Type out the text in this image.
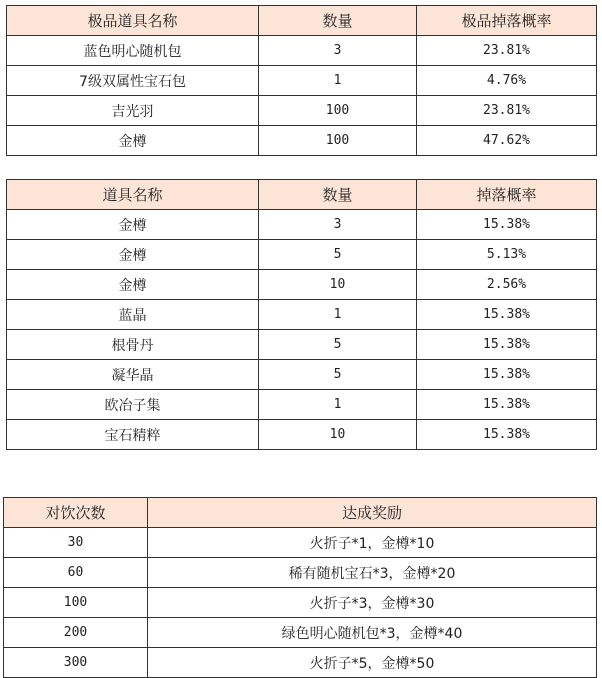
极品道具名称	数量	极品掉落概率
蓝色明心随机包	3	23.81%
7级双属性宝石包	1	4.76%
吉光羽	100	23.81%
金樽	100	47.62%
道具名称	数量	掉落概率
金樽	3	15.38%
金樽	5	5.13%
金樽	10	2.56%
蓝晶	1	15.38%
根骨丹	5	15.38%
凝华晶	5	15.38%
欧冶子集	1	15.38%
宝石精粹	10	15.38%
对饮次数	达成奖励
30	火折子*1，金樽*10
60	稀有随机宝石*3，金樽*20
100	火折子*3，金樽*30
200	绿色明心随机包*3，金樽*40
300	火折子*5，金樽*50
